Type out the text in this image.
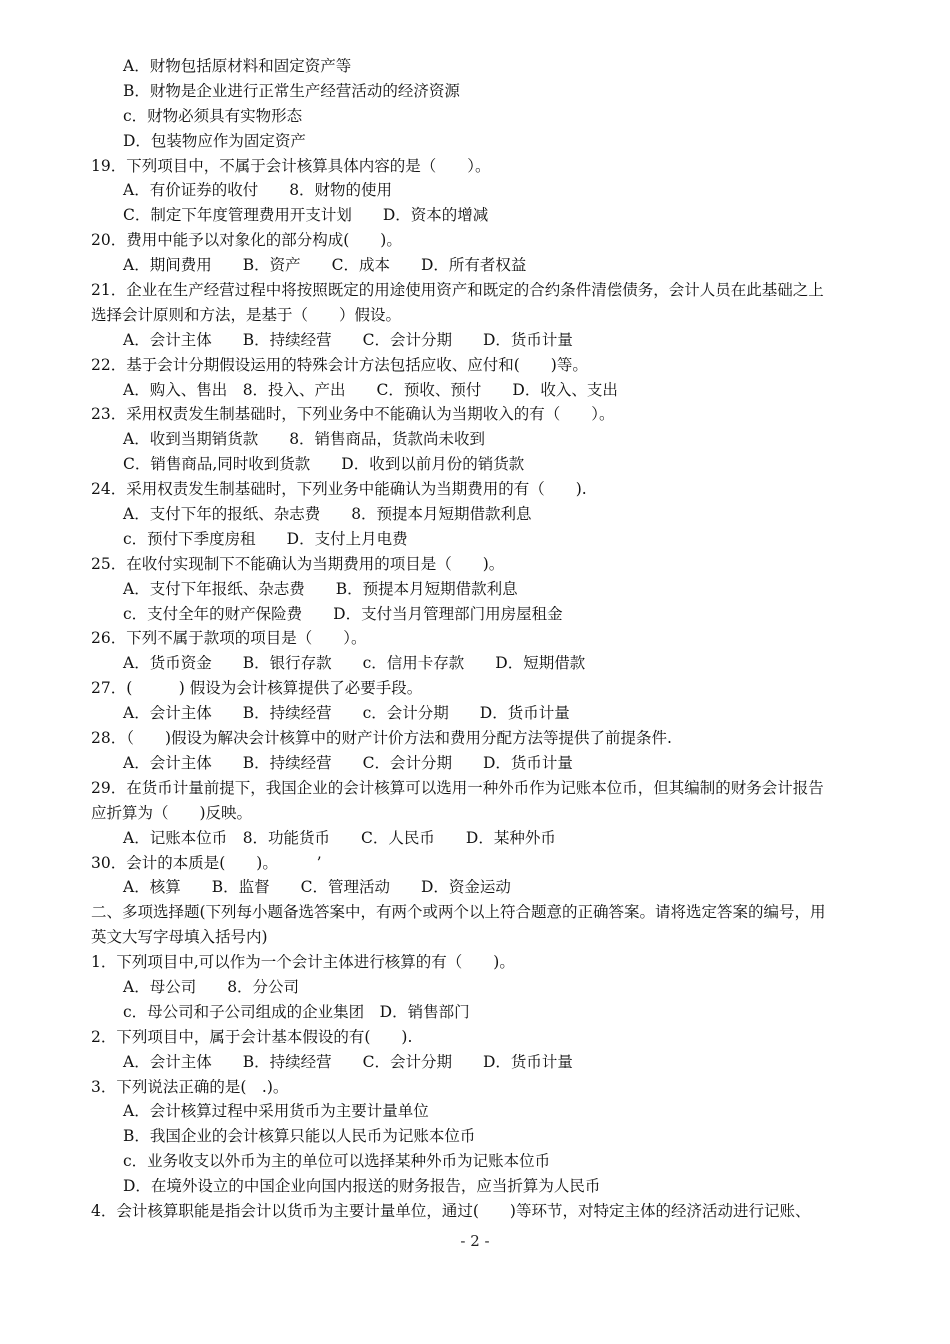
A．财物包括原材料和固定资产等
B．财物是企业进行正常生产经营活动的经济资源
c．财物必须具有实物形态
D．包装物应作为固定资产
19．下列项目中，不属于会计核算具体内容的是（　　）。
A．有价证券的收付　　8．财物的使用
C．制定下年度管理费用开支计划　　D．资本的增减
20．费用中能予以对象化的部分构成(　　)。
A．期间费用　　B．资产　　C．成本　　D．所有者权益
21．企业在生产经营过程中将按照既定的用途使用资产和既定的合约条件清偿债务，会计人员在此基础之上
选择会计原则和方法，是基于（　　）假设。
A．会计主体　　B．持续经营　　C．会计分期　　D．货币计量
22．基于会计分期假设运用的特殊会计方法包括应收、应付和(　　)等。
A．购入、售出　8．投入、产出　　C．预收、预付　　D．收入、支出
23．采用权责发生制基础时，下列业务中不能确认为当期收入的有（　　）。
A．收到当期销货款　　8．销售商品，货款尚未收到
C．销售商品,同时收到货款　　D．收到以前月份的销货款
24．采用权责发生制基础时，下列业务中能确认为当期费用的有（　　).
A．支付下年的报纸、杂志费　　8．预提本月短期借款利息
c．预付下季度房租　　D．支付上月电费
25．在收付实现制下不能确认为当期费用的项目是（　　)。
A．支付下年报纸、杂志费　　B．预提本月短期借款利息
c．支付全年的财产保险费　　D．支付当月管理部门用房屋租金
26．下列不属于款项的项目是（　　）。
A．货币资金　　B．银行存款　　c．信用卡存款　　D．短期借款
27．(　　　) 假设为会计核算提供了必要手段。
A．会计主体　　B．持续经营　　c．会计分期　　D．货币计量
28．（　　)假设为解决会计核算中的财产计价方法和费用分配方法等提供了前提条件.
A．会计主体　　B．持续经营　　C．会计分期　　D．货币计量
29．在货币计量前提下，我国企业的会计核算可以选用一种外币作为记账本位币，但其编制的财务会计报告
应折算为（　　)反映。
A．记账本位币　8．功能货币　　C．人民币　　D．某种外币
30．会计的本质是(　　)。　　　’
A．核算　　B．监督　　C．管理活动　　D．资金运动
二、多项选择题(下列每小题备选答案中，有两个或两个以上符合题意的正确答案。请将选定答案的编号，用
英文大写字母填入括号内)
1．下列项目中,可以作为一个会计主体进行核算的有（　　)。
A．母公司　　8．分公司
c．母公司和子公司组成的企业集团　D．销售部门
2．下列项目中，属于会计基本假设的有(　　).
A．会计主体　　B．持续经营　　C．会计分期　　D．货币计量
3．下列说法正确的是(　.)。
A．会计核算过程中采用货币为主要计量单位
B．我国企业的会计核算只能以人民币为记账本位币
c．业务收支以外币为主的单位可以选择某种外币为记账本位币
D．在境外设立的中国企业向国内报送的财务报告，应当折算为人民币
4．会计核算职能是指会计以货币为主要计量单位，通过(　　)等环节，对特定主体的经济活动进行记账、
- 2 -
